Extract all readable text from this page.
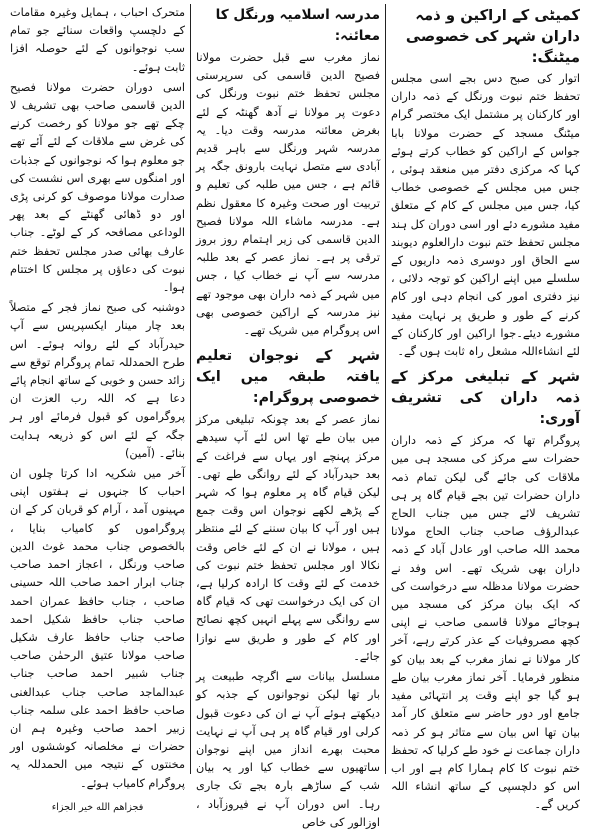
کمیٹی کے اراکین و ذمہ داران شہر کی خصوصی میٹنگ:

اتوار کی صبح دس بجے اسی مجلس تحفظ ختم نبوت ورنگل کے ذمہ داران اور کارکنان پر مشتمل ایک مختصر گرام میٹنگ مسجد کے حضرت مولانا بابا جواس کے اراکین کو خطاب کرتے ہوئے کہا کہ مرکزی دفتر میں منعقد ہوئی ، جس میں مجلس کے خصوصی خطاب کیا، جس میں مجلس کے کام کے متعلق مفید مشورے دئے اور اسی دوران کل ہند مجلس تحفظ ختم نبوت دارالعلوم دیوبند سے الحاق اور دوسری ذمہ داریوں کے سلسلے میں اپنے اراکین کو توجہ دلائی ، نیز دفتری امور کی انجام دہی اور کام کرنے کے طور و طریق پر نہایت مفید مشورے دیئے۔جوا اراکین اور کارکنان کے لئے انشاءاللہ مشعل راہ ثابت ہوں گے۔

شہر کے تبلیغی مرکز کے ذمہ داران کی تشریف آوری:

پروگرام تھا کہ مرکز کے ذمہ داران حضرات سے مرکز کی مسجد ہی میں ملاقات کی جائے گی لیکن تمام ذمہ داران حضرات تین بجے قیام گاہ پر ہی تشریف لائے جس میں جناب الحاج عبدالرؤف صاحب جناب الحاج مولانا محمد اللہ صاحب اور عادل آباد کے ذمہ داران بھی شریک تھے۔ اس وفد نے حضرت مولانا مدظلہ سے درخواست کی کہ ایک بیان مرکز کی مسجد میں ہوجائے مولانا قاسمی صاحب نے اپنی کچھ مصروفیات کے عذر کرتے رہے، آخر کار مولانا نے نماز مغرب کے بعد بیان کو منظور فرمایا۔ آخر نماز مغرب بیان طے ہو گیا جو اپنے وقت پر انتہائی مفید جامع اور دور حاضر سے متعلق کار آمد بیان تھا اس بیان سے متاثر ہو کر ذمہ داران جماعت نے خود طے کرلیا کہ تحفظ ختم نبوت کا کام ہمارا کام ہے اور اب اس کو دلچسپی کے ساتھ انشاء اللہ کریں گے۔

مدرسہ اسلامیہ ورنگل کا معائنہ:

نماز مغرب سے قبل حضرت مولانا فصیح الدین قاسمی کی سرپرستی مجلس تحفظ ختم نبوت ورنگل کی دعوت پر مولانا نے آدھ گھنٹہ کے لئے بغرض معائنہ مدرسہ وقت دیا۔ یہ مدرسہ شہر ورنگل سے باہر قدیم آبادی سے متصل نہایت بارونق جگہ پر قائم ہے ، جس میں طلبہ کی تعلیم و تربیت اور صحت وغیرہ کا معقول نظم ہے۔ مدرسہ ماشاء اللہ مولانا فصیح الدین قاسمی کی زیر اہتمام روز بروز ترقی پر ہے۔ نماز عصر کے بعد طلبہ مدرسہ سے آپ نے خطاب کیا ، جس میں شہر کے ذمہ داران بھی موجود تھے نیز مدرسہ کے اراکین خصوصی بھی اس پروگرام میں شریک تھے۔

شہر کے نوجوان تعلیم یافتہ طبقہ میں ایک خصوصی پروگرام:

نماز عصر کے بعد چونکہ تبلیغی مرکز میں بیان طے تھا اس لئے آپ سیدھے مرکز پہنچے اور یہاں سے فراغت کے بعد حیدرآباد کے لئے روانگی طے تھی۔ لیکن قیام گاہ پر معلوم ہوا کہ شہر کے پڑھے لکھے نوجوان اس وقت جمع ہیں اور آپ کا بیان سننے کے لئے منتظر ہیں ، مولانا نے ان کے لئے خاص وقت نکالا اور مجلس تحفظ ختم نبوت کی خدمت کے لئے وقت کا ارادہ کرلیا ہے، ان کی ایک درخواست تھی کہ قیام گاہ سے روانگی سے پہلے انہیں کچھ نصائح اور کام کے طور و طریق سے نوازا جائے۔

مسلسل بیانات سے اگرچہ طبیعت پر بار تھا لیکن نوجوانوں کے جذبہ کو دیکھتے ہوئے آپ نے ان کی دعوت قبول کرلی اور قیام گاہ پر ہی آپ نے نہایت محبت بھرے انداز میں اپنے نوجوان ساتھیوں سے خطاب کیا اور یہ بیان شب کے ساڑھے بارہ بجے تک جاری رہا۔ اس دوران آپ نے فیروزآباد ، اوزالور کی خاص

متحرک احباب ، ہمایل وغیرہ مقامات کے دلچسپ واقعات سنائے جو تمام سب نوجوانوں کے لئے حوصلہ افزا ثابت ہوئے۔

اسی دوران حضرت مولانا فصیح الدین قاسمی صاحب بھی تشریف لا چکے تھے جو مولانا کو رخصت کرنے کی غرض سے ملاقات کے لئے آئے تھے جو معلوم ہوا کہ نوجوانوں کے جذبات اور امنگوں سے بھری اس نشست کی صدارت مولانا موصوف کو کرنی پڑی اور دو ڈھائی گھنٹے کے بعد پھر الوداعی مصافحہ کر کے لوٹے۔ جناب عارف بھائی صدر مجلس تحفظ ختم نبوت کی دعاؤں پر مجلس کا اختتام ہوا۔

دوشنبہ کی صبح نماز فجر کے متصلاً بعد چار مینار ایکسپریس سے آپ حیدرآباد کے لئے روانہ ہوئے۔ اس طرح الحمدللہ تمام پروگرام توقع سے زائد حسن و خوبی کے ساتھ انجام پائے دعا ہے کہ اللہ رب العزت ان پروگراموں کو قبول فرمائے اور ہر جگہ کے لئے اس کو ذریعہ ہدایت بنائے۔ (آمین)

آخر میں شکریہ ادا کرتا چلوں ان احباب کا جنہوں نے ہفتوں اپنی مہینوں آمد ، آرام کو قربان کر کے ان پروگراموں کو کامیاب بنایا ، بالخصوص جناب محمد غوث الدین صاحب ورنگل ، اعجاز احمد صاحب جناب ابرار احمد صاحب اللہ حسینی صاحب ، جناب حافظ عمران احمد صاحب جناب حافظ شکیل احمد صاحب جناب حافظ عارف شکیل صاحب مولانا عتیق الرحمٰن صاحب جناب شبیر احمد صاحب جناب عبدالماجد صاحب جناب عبدالغنی صاحب حافظ احمد علی سلمہ جناب زبیر احمد صاحب وغیرہ ہم ان حضرات نے مخلصانہ کوششوں اور مخنتوں کے نتیجہ میں الحمدللہ یہ پروگرام کامیاب ہوئے۔

فجزاهم الله خير الجزاء
